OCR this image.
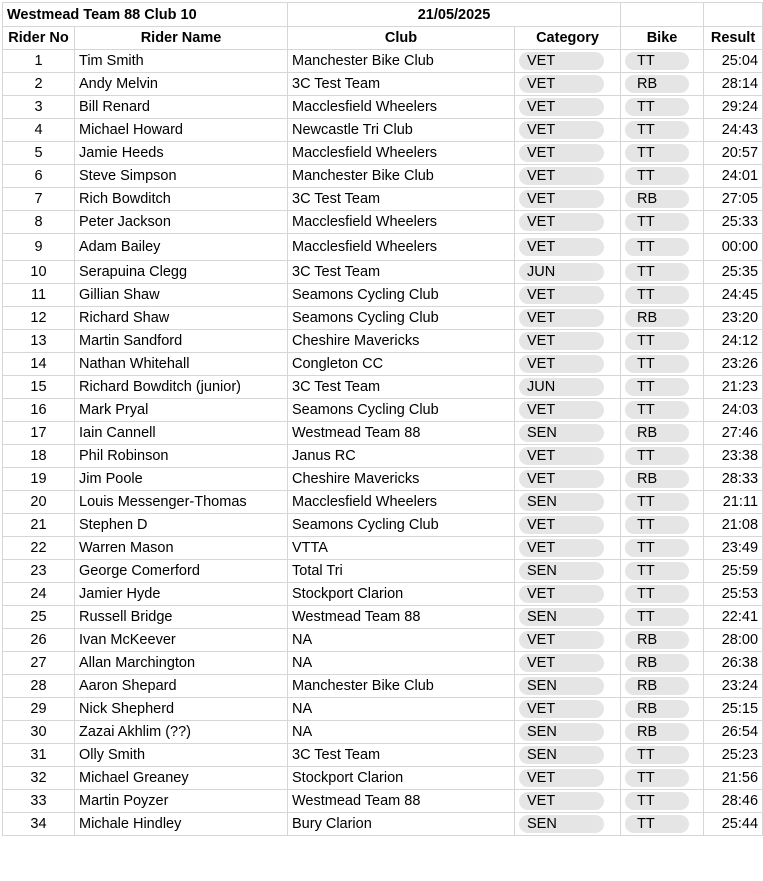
Westmead Team 88 Club 10		21/05/2025			
Rider No	Rider Name	Club	Category	Bike	Result
1	Tim Smith	Manchester Bike Club	VET	TT	25:04
2	Andy Melvin	3C Test Team	VET	RB	28:14
3	Bill Renard	Macclesfield Wheelers	VET	TT	29:24
4	Michael Howard	Newcastle Tri Club	VET	TT	24:43
5	Jamie Heeds	Macclesfield Wheelers	VET	TT	20:57
6	Steve Simpson	Manchester Bike Club	VET	TT	24:01
7	Rich Bowditch	3C Test Team	VET	RB	27:05
8	Peter Jackson	Macclesfield Wheelers	VET	TT	25:33
9	Adam Bailey	Macclesfield Wheelers	VET	TT	00:00
10	Serapuina Clegg	3C Test Team	JUN	TT	25:35
11	Gillian Shaw	Seamons Cycling Club	VET	TT	24:45
12	Richard Shaw	Seamons Cycling Club	VET	RB	23:20
13	Martin Sandford	Cheshire Mavericks	VET	TT	24:12
14	Nathan Whitehall	Congleton CC	VET	TT	23:26
15	Richard Bowditch (junior)	3C Test Team	JUN	TT	21:23
16	Mark Pryal	Seamons Cycling Club	VET	TT	24:03
17	Iain Cannell	Westmead Team 88	SEN	RB	27:46
18	Phil Robinson	Janus RC	VET	TT	23:38
19	Jim Poole	Cheshire Mavericks	VET	RB	28:33
20	Louis Messenger-Thomas	Macclesfield Wheelers	SEN	TT	21:11
21	Stephen D	Seamons Cycling Club	VET	TT	21:08
22	Warren Mason	VTTA	VET	TT	23:49
23	George Comerford	Total Tri	SEN	TT	25:59
24	Jamier Hyde	Stockport Clarion	VET	TT	25:53
25	Russell Bridge	Westmead Team 88	SEN	TT	22:41
26	Ivan McKeever	NA	VET	RB	28:00
27	Allan Marchington	NA	VET	RB	26:38
28	Aaron Shepard	Manchester Bike Club	SEN	RB	23:24
29	Nick Shepherd	NA	VET	RB	25:15
30	Zazai Akhlim (??)	NA	SEN	RB	26:54
31	Olly Smith	3C Test Team	SEN	TT	25:23
32	Michael Greaney	Stockport Clarion	VET	TT	21:56
33	Martin Poyzer	Westmead Team 88	VET	TT	28:46
34	Michale Hindley	Bury Clarion	SEN	TT	25:44
